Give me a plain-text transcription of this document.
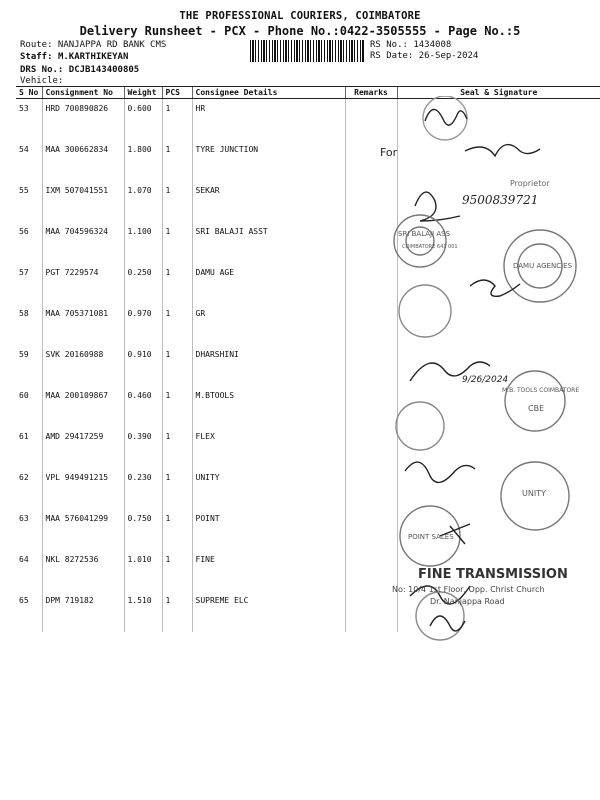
THE PROFESSIONAL COURIERS, COIMBATORE
Delivery Runsheet - PCX - Phone No.:0422-3505555 - Page No.:5
Route: NANJAPPA RD BANK CMS
Staff: M.KARTHIKEYAN
DRS No.: DCJB143400805
Vehicle:
RS No.: 1434008
RS Date: 26-Sep-2024
S No	Consignment No	Weight	PCS	Consignee Details	Remarks	Seal & Signature
53	HRD 700890826	0.600	1	HR		
54	MAA 300662834	1.800	1	TYRE JUNCTION		
55	IXM 507041551	1.070	1	SEKAR		
56	MAA 704596324	1.100	1	SRI BALAJI ASST		
57	PGT 7229574	0.250	1	DAMU AGE		
58	MAA 705371081	0.970	1	GR		
59	SVK 20160988	0.910	1	DHARSHINI		
60	MAA 200109867	0.460	1	M.BTOOLS		
61	AMD 29417259	0.390	1	FLEX		
62	VPL 949491215	0.230	1	UNITY		
63	MAA 576041299	0.750	1	POINT		
64	NKL 8272536	1.010	1	FINE		
65	DPM 719182	1.510	1	SUPREME ELC		
For
Proprietor
9500839721
SRI BALAJI ASS
COIMBATORE 641 001
DAMU AGENCIES
M.B. TOOLS COIMBATORE
9/26/2024
CBE
UNITY
POINT SALES
FINE TRANSMISSION
No: 10/4 1st Floor, Opp. Christ Church
Dr. Nanjappa Road
